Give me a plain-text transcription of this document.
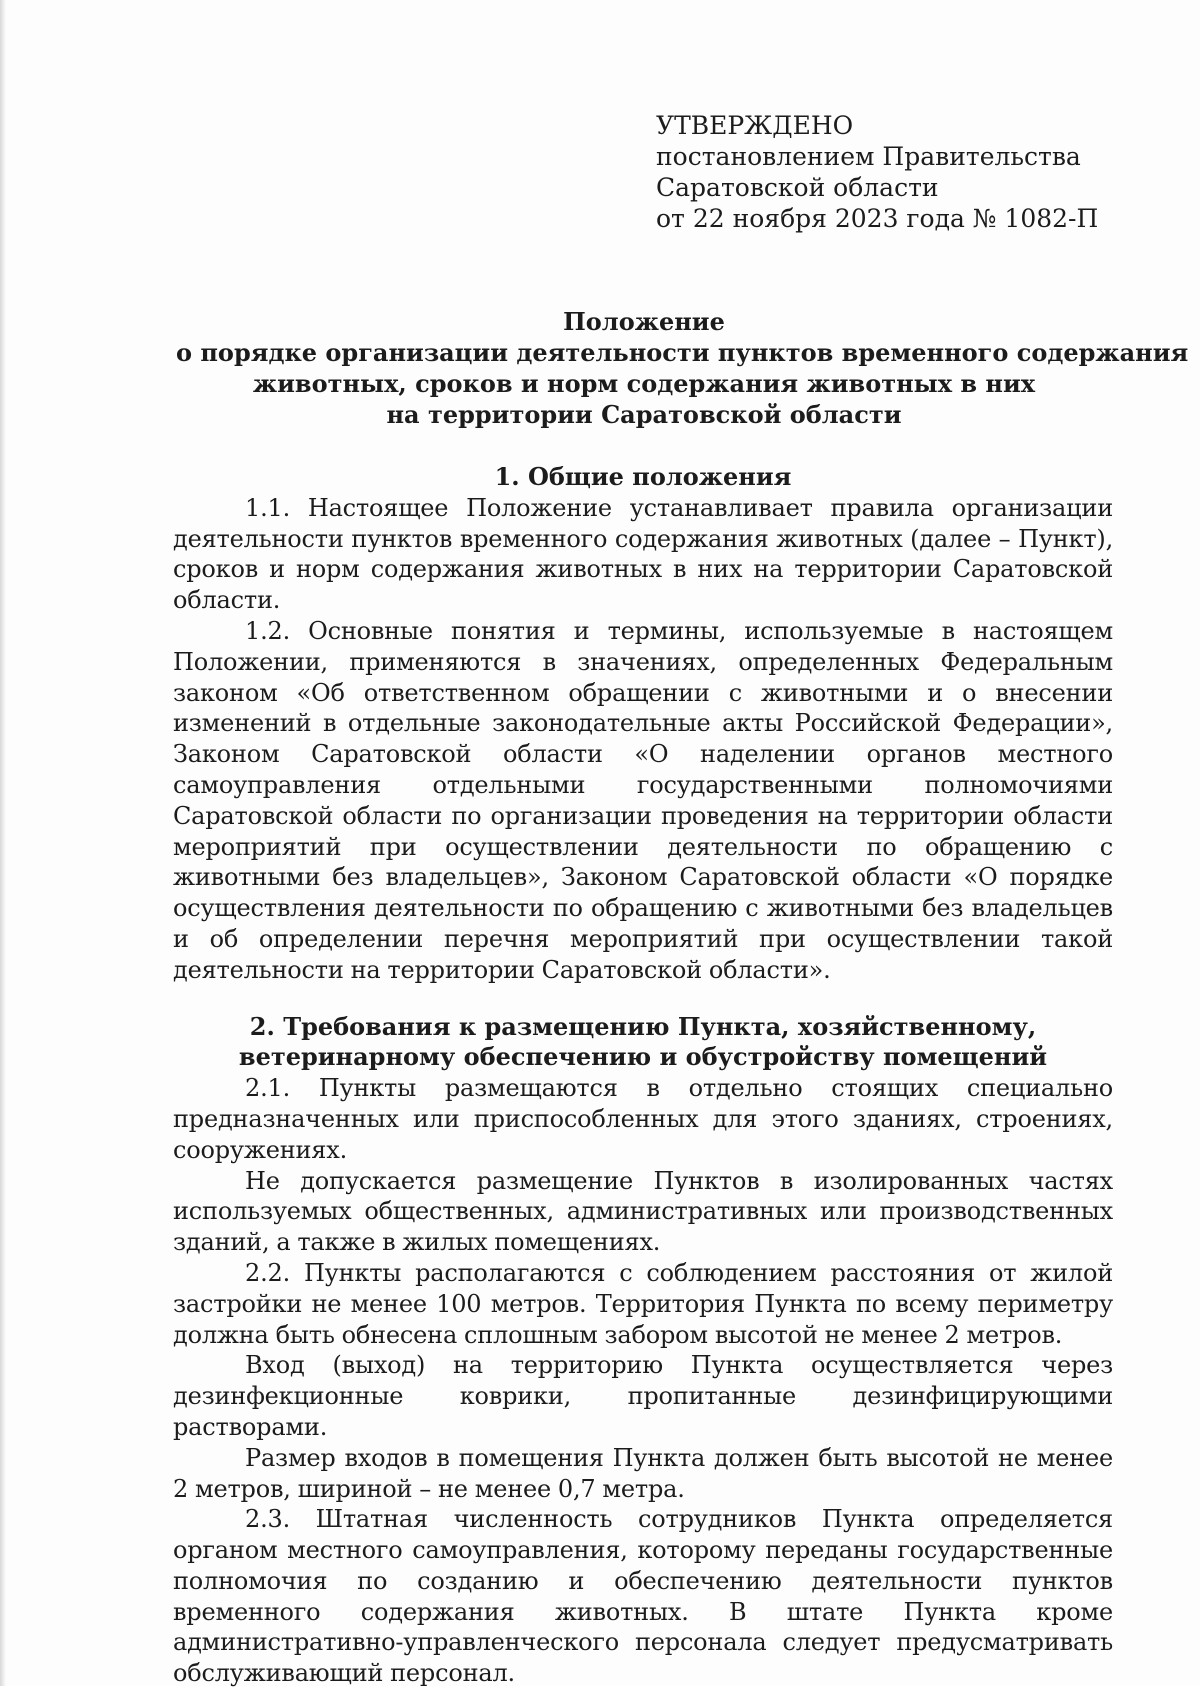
УТВЕРЖДЕНО
постановлением Правительства
Саратовской области
от 22 ноября 2023 года № 1082-П
Положение
о порядке организации деятельности пунктов временного содержания
животных, сроков и норм содержания животных в них
на территории Саратовской области
1. Общие положения

1.1. Настоящее Положение устанавливает правила организации деятельности пунктов временного содержания животных (далее – Пункт), сроков и норм содержания животных в них на территории Саратовской области.

1.2. Основные понятия и термины, используемые в настоящем Положении, применяются в значениях, определенных Федеральным законом «Об ответственном обращении с животными и о внесении изменений в отдельные законодательные акты Российской Федерации», Законом Саратовской области «О наделении органов местного самоуправления отдельными государственными полномочиями Саратовской области по организации проведения на территории области мероприятий при осуществлении деятельности по обращению с животными без владельцев», Законом Саратовской области «О порядке осуществления деятельности по обращению с животными без владельцев и об определении перечня мероприятий при осуществлении такой деятельности на территории Саратовской области».

2. Требования к размещению Пункта, хозяйственному,
ветеринарному обеспечению и обустройству помещений

2.1. Пункты размещаются в отдельно стоящих специально предназначенных или приспособленных для этого зданиях, строениях, сооружениях.

Не допускается размещение Пунктов в изолированных частях используемых общественных, административных или производственных зданий, а также в жилых помещениях.

2.2. Пункты располагаются с соблюдением расстояния от жилой застройки не менее 100 метров. Территория Пункта по всему периметру должна быть обнесена сплошным забором высотой не менее 2 метров.

Вход (выход) на территорию Пункта осуществляется через дезинфекционные коврики, пропитанные дезинфицирующими растворами.

Размер входов в помещения Пункта должен быть высотой не менее 2 метров, шириной – не менее 0,7 метра.

2.3. Штатная численность сотрудников Пункта определяется органом местного самоуправления, которому переданы государственные полномочия по созданию и обеспечению деятельности пунктов временного содержания животных. В штате Пункта кроме административно-управленческого персонала следует предусматривать обслуживающий персонал.
